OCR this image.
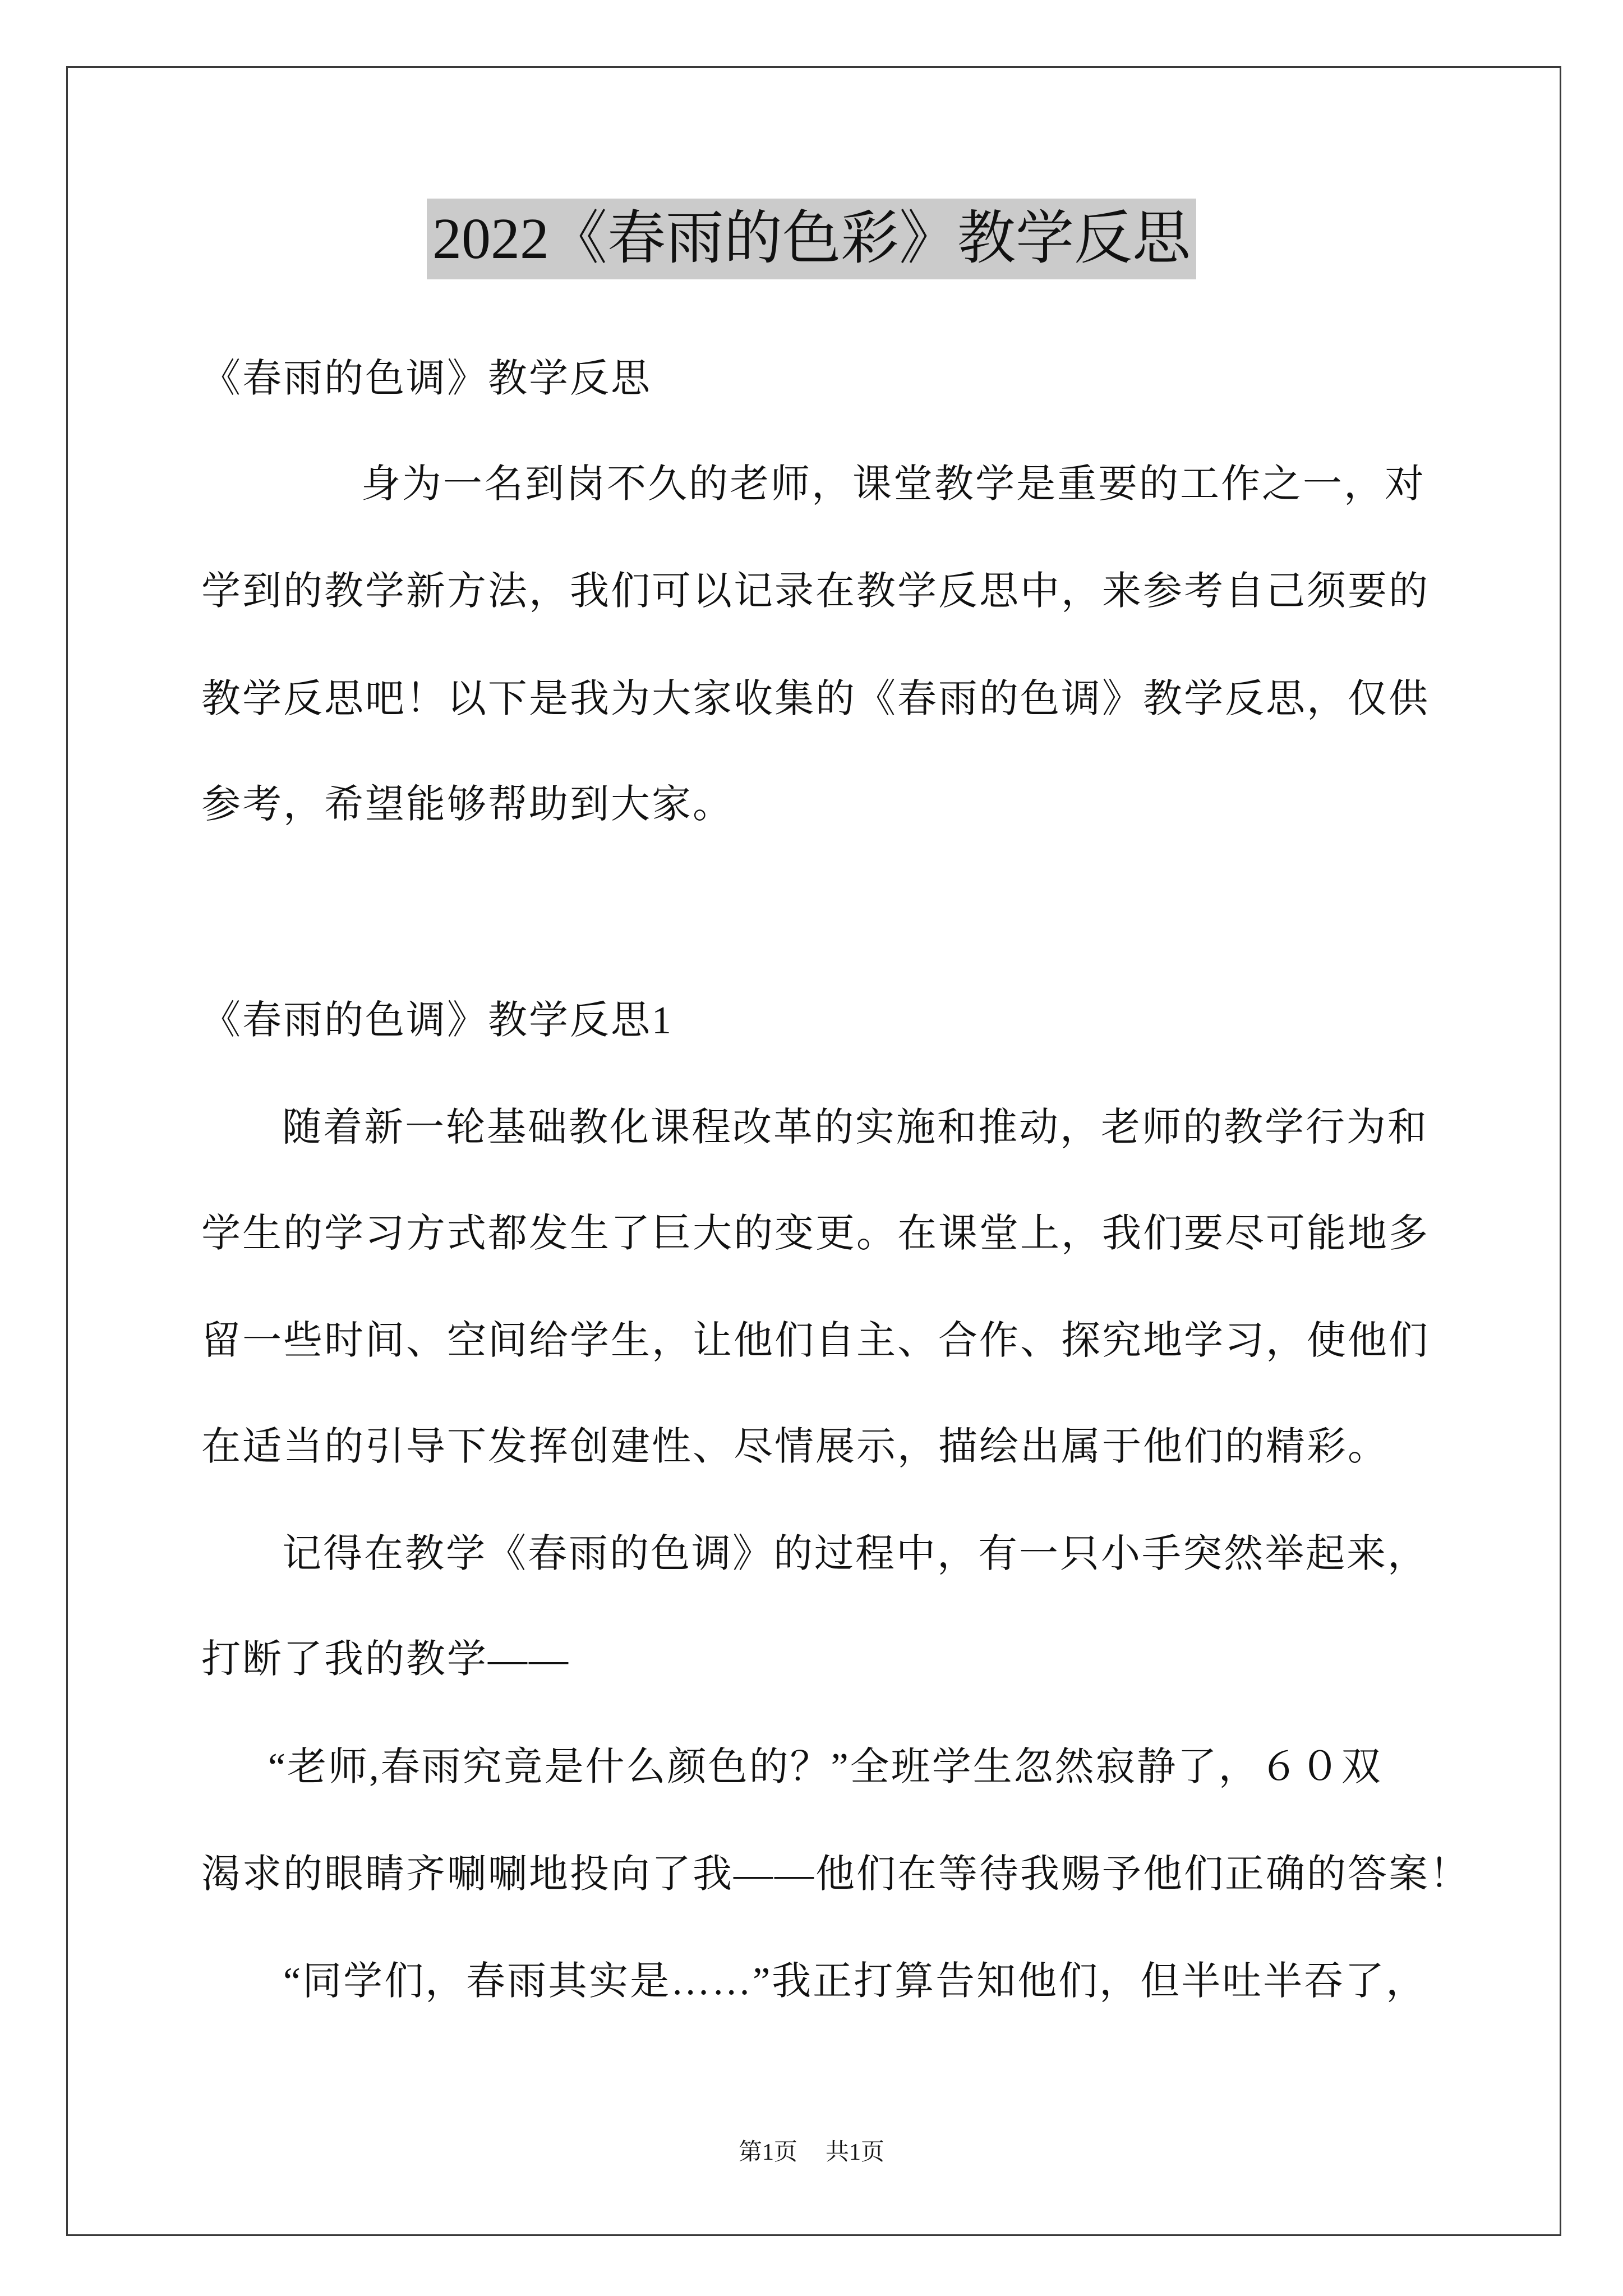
2022《春雨的色彩》教学反思
《春雨的色调》教学反思
身为一名到岗不久的老师，课堂教学是重要的工作之一，对
学到的教学新方法，我们可以记录在教学反思中，来参考自己须要的
教学反思吧！以下是我为大家收集的《春雨的色调》教学反思，仅供
参考，希望能够帮助到大家。
《春雨的色调》教学反思1
随着新一轮基础教化课程改革的实施和推动，老师的教学行为和
学生的学习方式都发生了巨大的变更。在课堂上，我们要尽可能地多
留一些时间、空间给学生，让他们自主、合作、探究地学习，使他们
在适当的引导下发挥创建性、尽情展示，描绘出属于他们的精彩。
记得在教学《春雨的色调》的过程中，有一只小手突然举起来，
打断了我的教学——
“老师,春雨究竟是什么颜色的？”全班学生忽然寂静了，６０双
渴求的眼睛齐唰唰地投向了我——他们在等待我赐予他们正确的答案！
“同学们，春雨其实是……”我正打算告知他们，但半吐半吞了，
第1页 共1页
